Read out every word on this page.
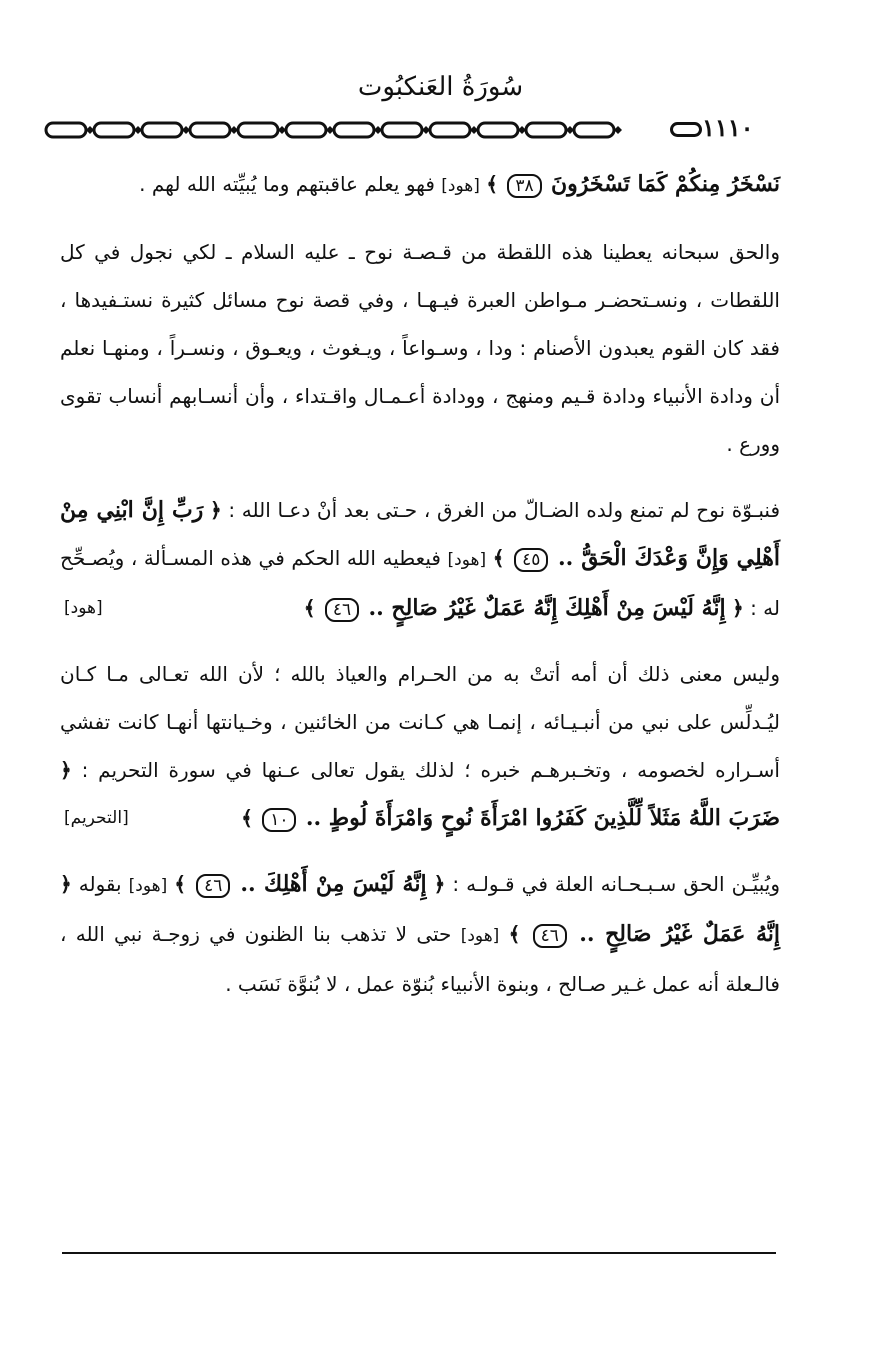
سُورَةُ العَنكبُوت
١١١٠

نَسْخَرُ مِنكُمْ كَمَا تَسْخَرُونَ ٣٨ ﴾ [هود] فهو يعلم عاقبتهم وما يُبيِّته الله لهم .

والحق سبحانه يعطينا هذه اللقطة من قـصـة نوح ـ عليه السلام ـ لكي نجول في كل اللقطات ، ونسـتحضـر مـواطن العبرة فيـهـا ، وفي قصة نوح مسائل كثيرة نستـفيدها ، فقد كان القوم يعبدون الأصنام : ودا ، وسـواعاً ، ويـغوث ، ويعـوق ، ونسـراً ، ومنهـا نعلم أن ودادة الأنبياء ودادة قـيم ومنهج ، وودادة أعـمـال واقـتداء ، وأن أنسـابهم أنساب تقوى وورع .

فنبـوّة نوح لم تمنع ولده الضـالّ من الغرق ، حـتى بعد أنْ دعـا الله : ﴿ رَبِّ إِنَّ ابْنِي مِنْ أَهْلِي وَإِنَّ وَعْدَكَ الْحَقُّ .. ٤٥ ﴾ [هود] فيعطيه الله الحكم في هذه المسـألة ، ويُصـحِّح له : ﴿ إِنَّهُ لَيْسَ مِنْ أَهْلِكَ إِنَّهُ عَمَلٌ غَيْرُ صَالِحٍ .. ٤٦ ﴾
[هود]

وليس معنى ذلك أن أمه أتتْ به من الحـرام والعياذ بالله ؛ لأن الله تعـالى مـا كـان ليُـدلِّس على نبي من أنبـيـائه ، إنمـا هي كـانت من الخائنين ، وخـيانتها أنهـا كانت تفشي أسـراره لخصومه ، وتخـبرهـم خبره ؛ لذلك يقول تعالى عـنها في سورة التحريم : ﴿ ضَرَبَ اللَّهُ مَثَلاً لِّلَّذِينَ كَفَرُوا امْرَأَةَ نُوحٍ وَامْرَأَةَ لُوطٍ .. ١٠ ﴾
[التحريم]

ويُبيِّـن الحق سـبـحـانه العلة في قـولـه : ﴿ إِنَّهُ لَيْسَ مِنْ أَهْلِكَ .. ٤٦ ﴾ [هود] بقوله ﴿ إِنَّهُ عَمَلٌ غَيْرُ صَالِحٍ .. ٤٦ ﴾ [هود] حتى لا تذهب بنا الظنون في زوجـة نبي الله ، فالـعلة أنه عمل غـير صـالح ، وبنوة الأنبياء بُنوّة عمل ، لا بُنوَّة نَسَب .
